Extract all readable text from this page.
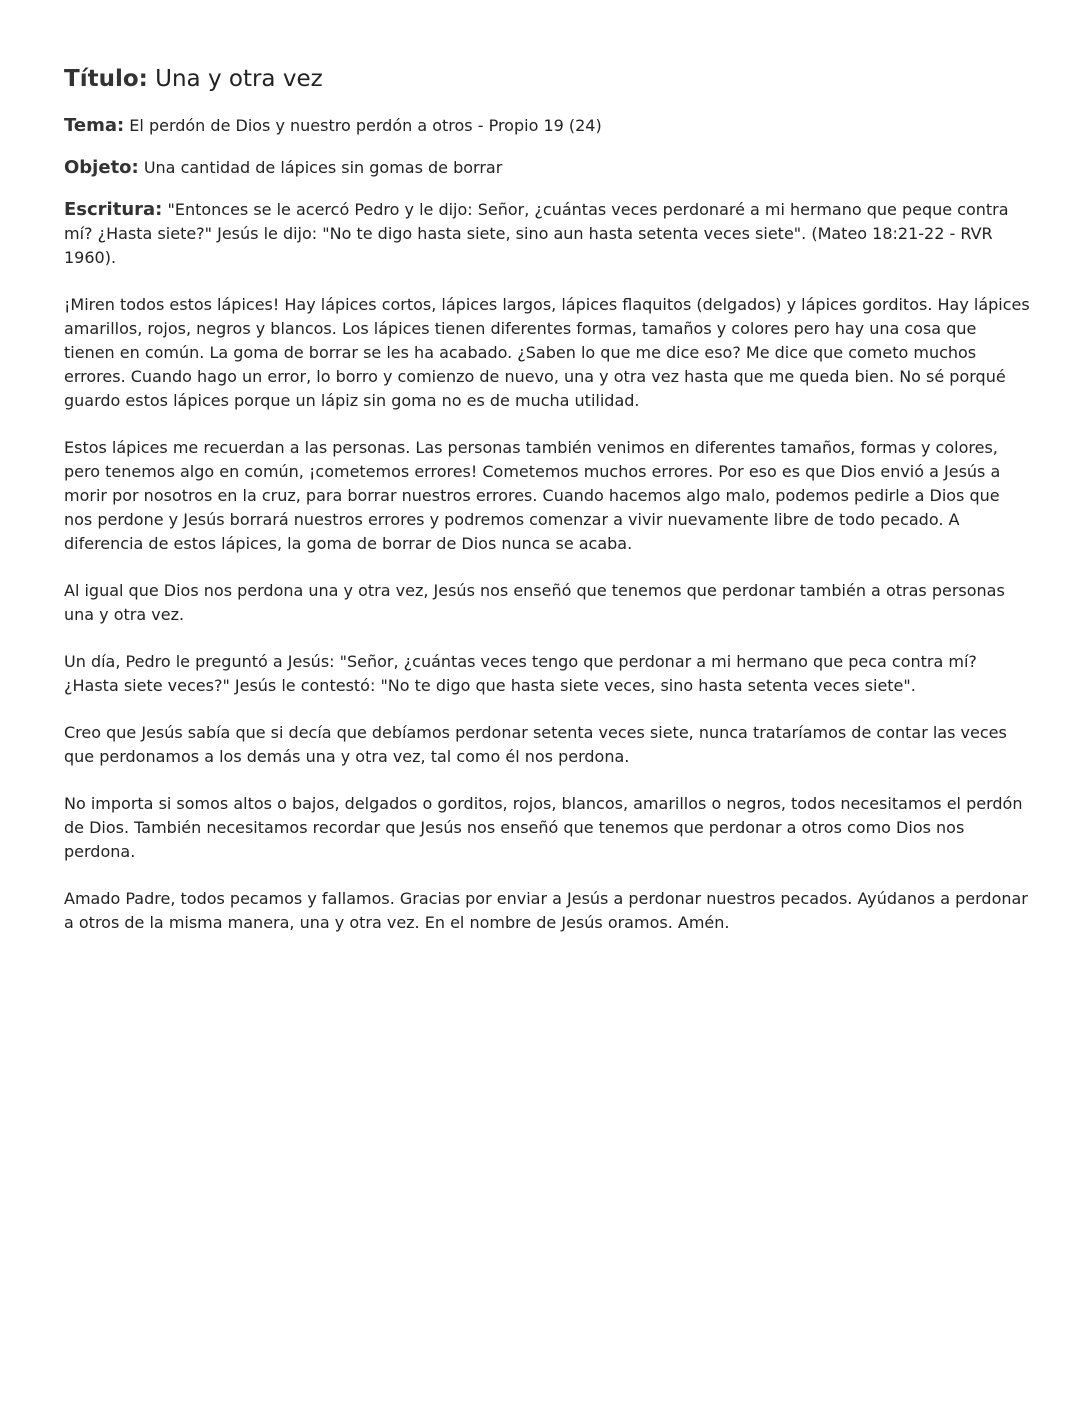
Título: Una y otra vez
Tema: El perdón de Dios y nuestro perdón a otros - Propio 19 (24)
Objeto: Una cantidad de lápices sin gomas de borrar
Escritura: "Entonces se le acercó Pedro y le dijo: Señor, ¿cuántas veces perdonaré a mi hermano que peque contra mí? ¿Hasta siete?" Jesús le dijo: "No te digo hasta siete, sino aun hasta setenta veces siete". (Mateo 18:21-22 - RVR 1960).

¡Miren todos estos lápices! Hay lápices cortos, lápices largos, lápices flaquitos (delgados) y lápices gorditos. Hay lápices amarillos, rojos, negros y blancos. Los lápices tienen diferentes formas, tamaños y colores pero hay una cosa que tienen en común. La goma de borrar se les ha acabado. ¿Saben lo que me dice eso? Me dice que cometo muchos errores. Cuando hago un error, lo borro y comienzo de nuevo, una y otra vez hasta que me queda bien. No sé porqué guardo estos lápices porque un lápiz sin goma no es de mucha utilidad.

Estos lápices me recuerdan a las personas. Las personas también venimos en diferentes tamaños, formas y colores, pero tenemos algo en común, ¡cometemos errores! Cometemos muchos errores. Por eso es que Dios envió a Jesús a morir por nosotros en la cruz, para borrar nuestros errores. Cuando hacemos algo malo, podemos pedirle a Dios que nos perdone y Jesús borrará nuestros errores y podremos comenzar a vivir nuevamente libre de todo pecado. A diferencia de estos lápices, la goma de borrar de Dios nunca se acaba.

Al igual que Dios nos perdona una y otra vez, Jesús nos enseñó que tenemos que perdonar también a otras personas una y otra vez.

Un día, Pedro le preguntó a Jesús: "Señor, ¿cuántas veces tengo que perdonar a mi hermano que peca contra mí? ¿Hasta siete veces?" Jesús le contestó: "No te digo que hasta siete veces, sino hasta setenta veces siete".

Creo que Jesús sabía que si decía que debíamos perdonar setenta veces siete, nunca trataríamos de contar las veces que perdonamos a los demás una y otra vez, tal como él nos perdona.

No importa si somos altos o bajos, delgados o gorditos, rojos, blancos, amarillos o negros, todos necesitamos el perdón de Dios. También necesitamos recordar que Jesús nos enseñó que tenemos que perdonar a otros como Dios nos perdona.

Amado Padre, todos pecamos y fallamos. Gracias por enviar a Jesús a perdonar nuestros pecados. Ayúdanos a perdonar a otros de la misma manera, una y otra vez. En el nombre de Jesús oramos. Amén.
